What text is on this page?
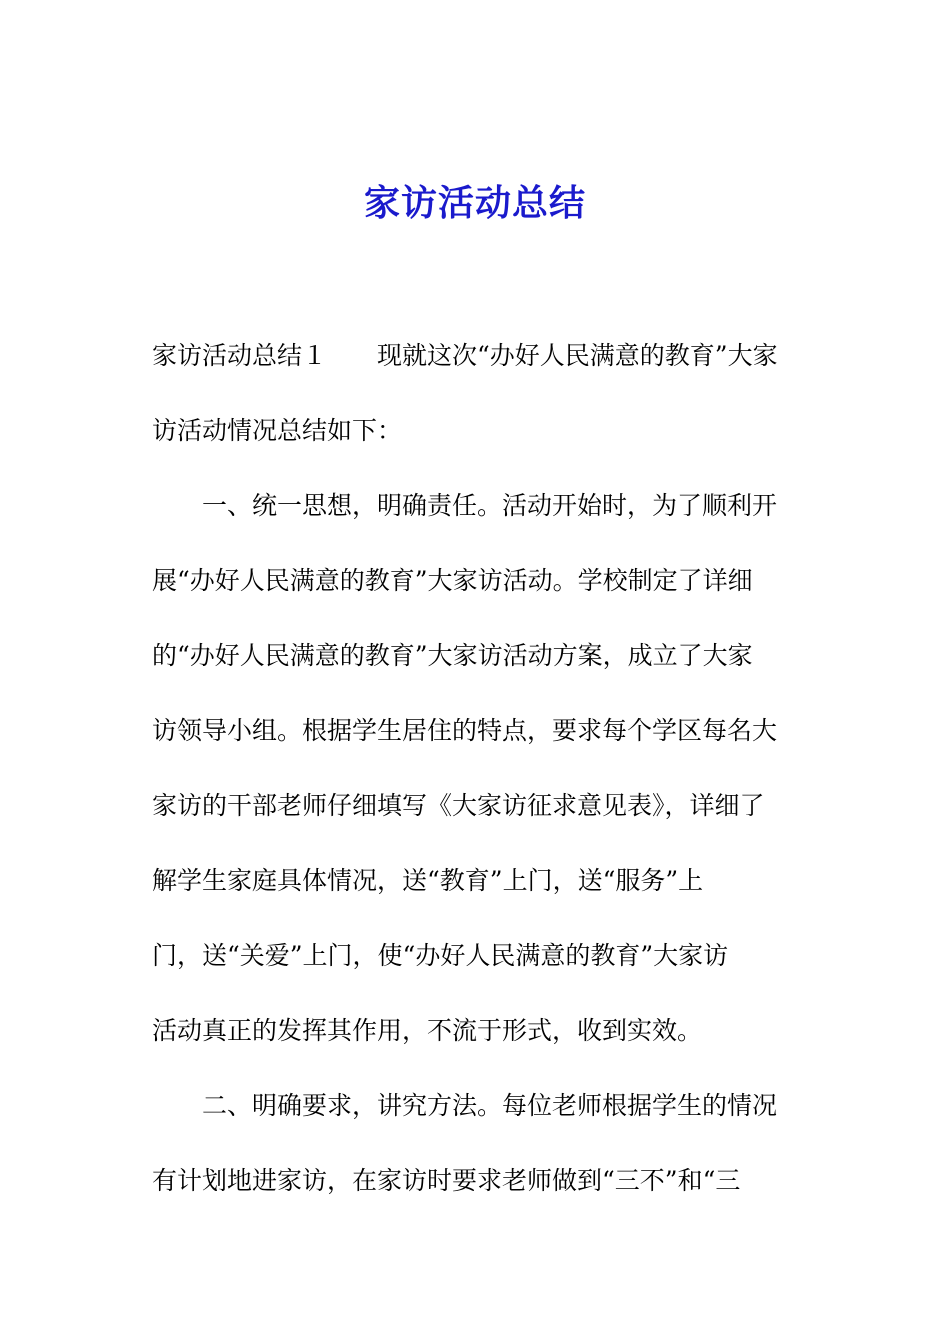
家访活动总结
家访活动总结１ 现就这次“办好人民满意的教育”大家
访活动情况总结如下：
一、统一思想，明确责任。活动开始时，为了顺利开
展“办好人民满意的教育”大家访活动。学校制定了详细
的“办好人民满意的教育”大家访活动方案，成立了大家
访领导小组。根据学生居住的特点，要求每个学区每名大
家访的干部老师仔细填写《大家访征求意见表》，详细了
解学生家庭具体情况，送“教育”上门，送“服务”上
门，送“关爱”上门，使“办好人民满意的教育”大家访
活动真正的发挥其作用，不流于形式，收到实效。
二、明确要求，讲究方法。每位老师根据学生的情况
有计划地进家访，在家访时要求老师做到“三不”和“三
